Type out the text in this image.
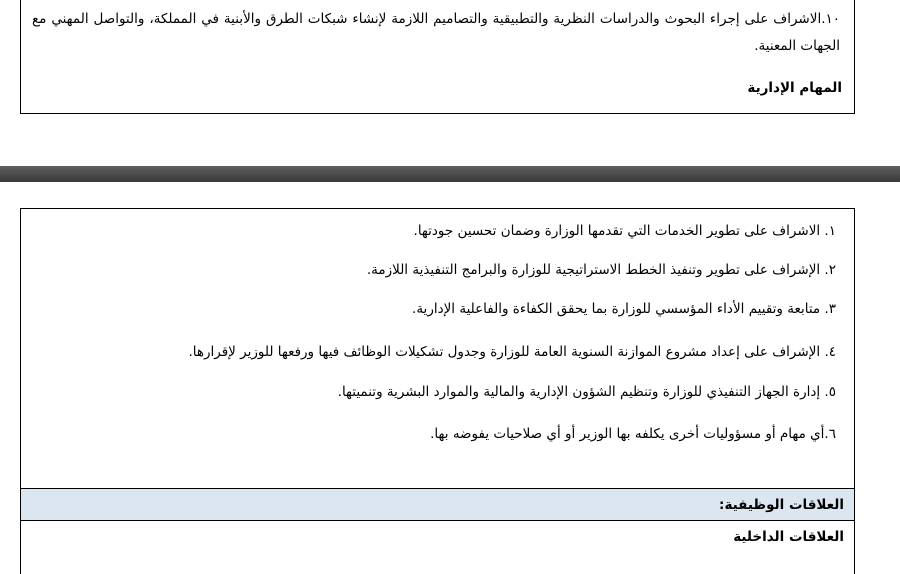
١٠.الاشراف على إجراء البحوث والدراسات النظرية والتطبيقية والتصاميم اللازمة لإنشاء شبكات الطرق والأبنية في المملكة، والتواصل المهني مع الجهات المعنية.

المهام الإدارية
١. الاشراف على تطوير الخدمات التي تقدمها الوزارة وضمان تحسين جودتها.
٢. الإشراف على تطوير وتنفيذ الخطط الاستراتيجية للوزارة والبرامج التنفيذية اللازمة.
٣. متابعة وتقييم الأداء المؤسسي للوزارة بما يحقق الكفاءة والفاعلية الإدارية.
٤. الإشراف على إعداد مشروع الموازنة السنوية العامة للوزارة وجدول تشكيلات الوظائف فيها ورفعها للوزير لإقرارها.
٥. إدارة الجهاز التنفيذي للوزارة وتنظيم الشؤون الإدارية والمالية والموارد البشرية وتنميتها.
٦.أي مهام أو مسؤوليات أخرى يكلفه بها الوزير أو أي صلاحيات يفوضه بها.
العلاقات الوظيفية:
العلاقات الداخلية
